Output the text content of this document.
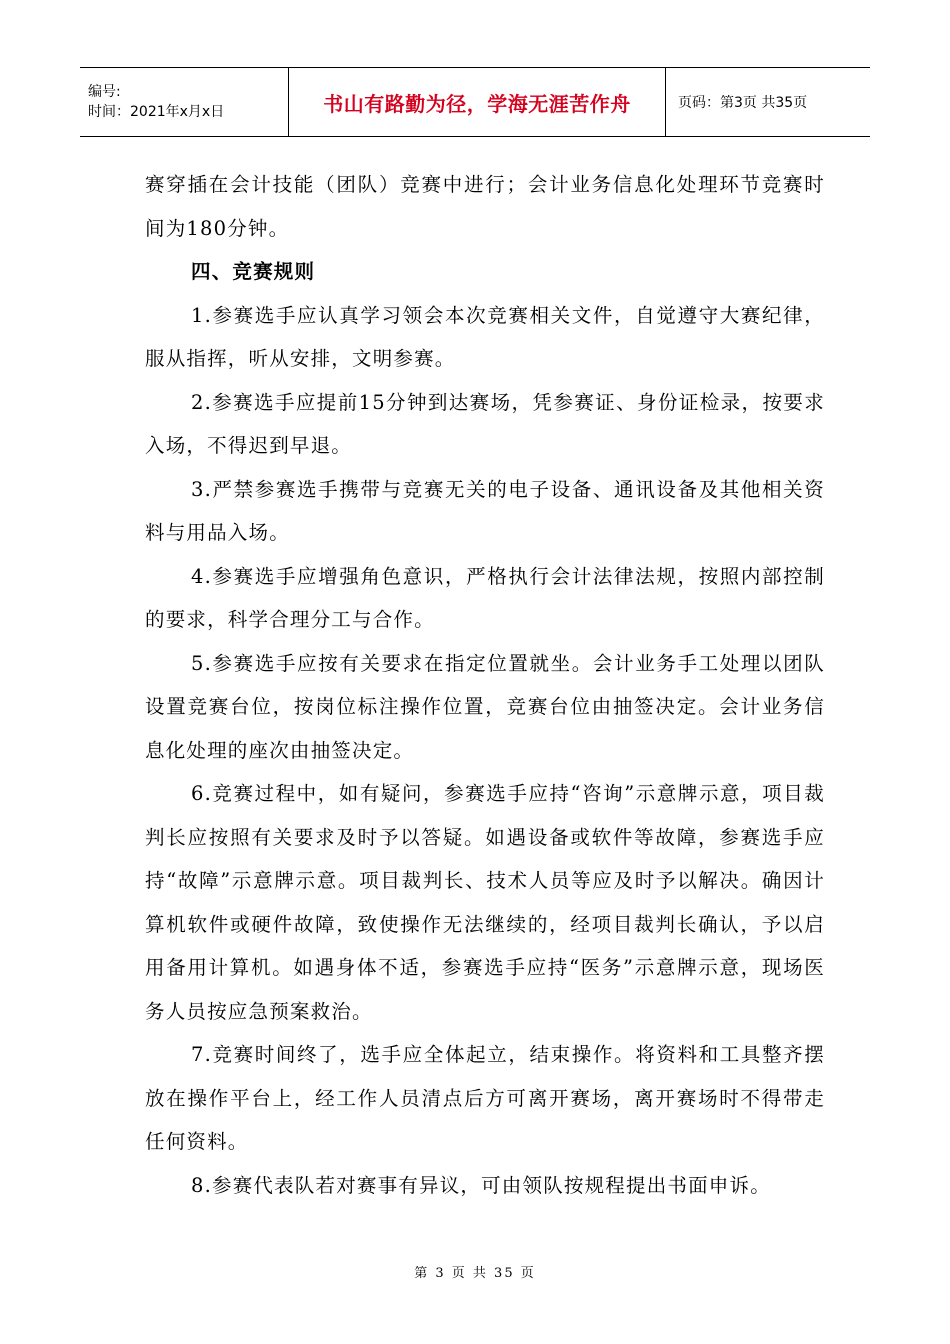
编号:
时间：2021年x月x日	书山有路勤为径，学海无涯苦作舟	页码：第3页 共35页

赛穿插在会计技能（团队）竞赛中进行；会计业务信息化处理环节竞赛时间为180分钟。

四、竞赛规则

1.参赛选手应认真学习领会本次竞赛相关文件，自觉遵守大赛纪律，服从指挥，听从安排，文明参赛。

2.参赛选手应提前15分钟到达赛场，凭参赛证、身份证检录，按要求入场，不得迟到早退。

3.严禁参赛选手携带与竞赛无关的电子设备、通讯设备及其他相关资料与用品入场。

4.参赛选手应增强角色意识，严格执行会计法律法规，按照内部控制的要求，科学合理分工与合作。

5.参赛选手应按有关要求在指定位置就坐。会计业务手工处理以团队设置竞赛台位，按岗位标注操作位置，竞赛台位由抽签决定。会计业务信息化处理的座次由抽签决定。

6.竞赛过程中，如有疑问，参赛选手应持“咨询”示意牌示意，项目裁判长应按照有关要求及时予以答疑。如遇设备或软件等故障，参赛选手应持“故障”示意牌示意。项目裁判长、技术人员等应及时予以解决。确因计算机软件或硬件故障，致使操作无法继续的，经项目裁判长确认，予以启用备用计算机。如遇身体不适，参赛选手应持“医务”示意牌示意，现场医务人员按应急预案救治。

7.竞赛时间终了，选手应全体起立，结束操作。将资料和工具整齐摆放在操作平台上，经工作人员清点后方可离开赛场，离开赛场时不得带走任何资料。

8.参赛代表队若对赛事有异议，可由领队按规程提出书面申诉。

第 3 页 共 35 页
